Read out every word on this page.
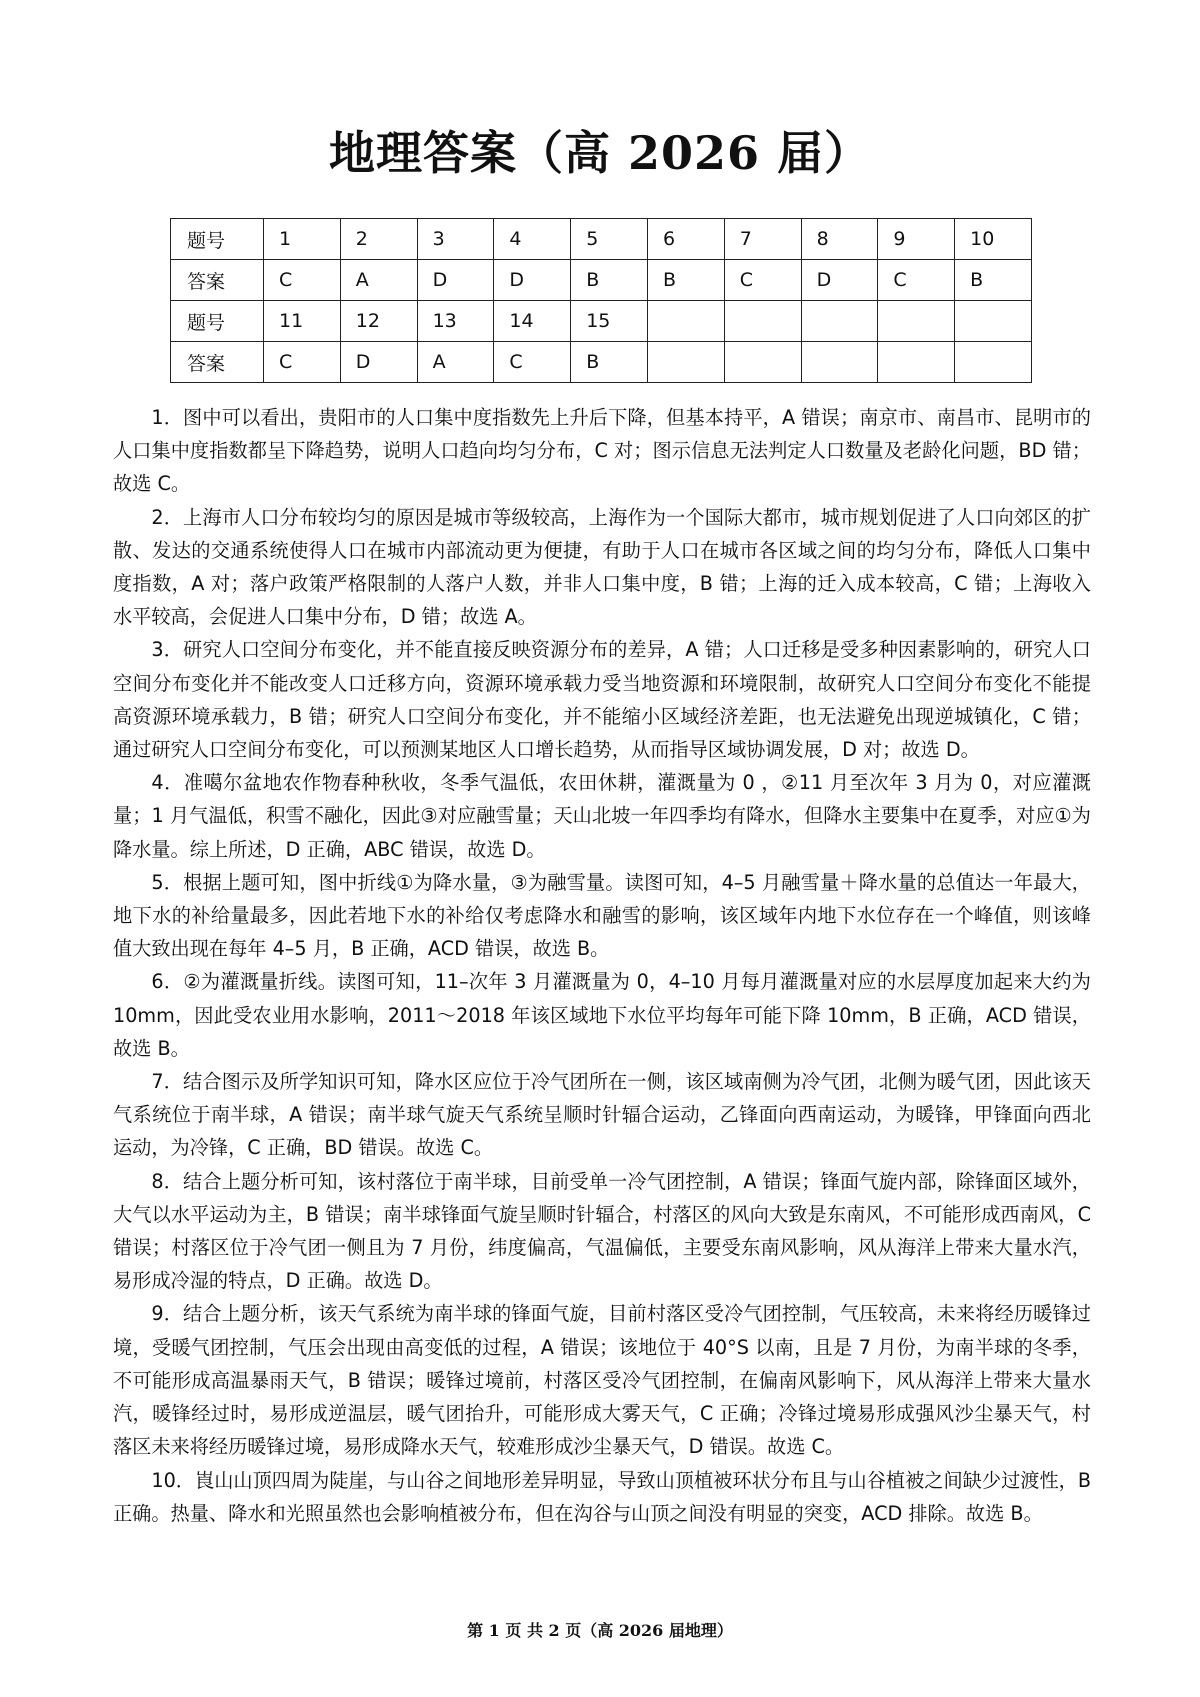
地理答案（高 2026 届）
题号	1	2	3	4	5	6	7	8	9	10
答案	C	A	D	D	B	B	C	D	C	B
题号	11	12	13	14	15					
答案	C	D	A	C	B					

1．图中可以看出，贵阳市的人口集中度指数先上升后下降，但基本持平，A 错误；南京市、南昌市、昆明市的人口集中度指数都呈下降趋势，说明人口趋向均匀分布，C 对；图示信息无法判定人口数量及老龄化问题，BD 错；故选 C。

2．上海市人口分布较均匀的原因是城市等级较高，上海作为一个国际大都市，城市规划促进了人口向郊区的扩散、发达的交通系统使得人口在城市内部流动更为便捷，有助于人口在城市各区域之间的均匀分布，降低人口集中度指数，A 对；落户政策严格限制的人落户人数，并非人口集中度，B 错；上海的迁入成本较高，C 错；上海收入水平较高，会促进人口集中分布，D 错；故选 A。

3．研究人口空间分布变化，并不能直接反映资源分布的差异，A 错；人口迁移是受多种因素影响的，研究人口空间分布变化并不能改变人口迁移方向，资源环境承载力受当地资源和环境限制，故研究人口空间分布变化不能提高资源环境承载力，B 错；研究人口空间分布变化，并不能缩小区域经济差距，也无法避免出现逆城镇化，C 错；通过研究人口空间分布变化，可以预测某地区人口增长趋势，从而指导区域协调发展，D 对；故选 D。

4．准噶尔盆地农作物春种秋收，冬季气温低，农田休耕，灌溉量为 0 ，②11 月至次年 3 月为 0，对应灌溉量；1 月气温低，积雪不融化，因此③对应融雪量；天山北坡一年四季均有降水，但降水主要集中在夏季，对应①为降水量。综上所述，D 正确，ABC 错误，故选 D。

5．根据上题可知，图中折线①为降水量，③为融雪量。读图可知，4–5 月融雪量＋降水量的总值达一年最大，地下水的补给量最多，因此若地下水的补给仅考虑降水和融雪的影响，该区域年内地下水位存在一个峰值，则该峰值大致出现在每年 4–5 月，B 正确，ACD 错误，故选 B。

6．②为灌溉量折线。读图可知，11–次年 3 月灌溉量为 0，4–10 月每月灌溉量对应的水层厚度加起来大约为 10mm，因此受农业用水影响，2011～2018 年该区域地下水位平均每年可能下降 10mm，B 正确，ACD 错误，故选 B。

7．结合图示及所学知识可知，降水区应位于冷气团所在一侧，该区域南侧为冷气团，北侧为暖气团，因此该天气系统位于南半球，A 错误；南半球气旋天气系统呈顺时针辐合运动，乙锋面向西南运动，为暖锋，甲锋面向西北运动，为冷锋，C 正确，BD 错误。故选 C。

8．结合上题分析可知，该村落位于南半球，目前受单一冷气团控制，A 错误；锋面气旋内部，除锋面区域外，大气以水平运动为主，B 错误；南半球锋面气旋呈顺时针辐合，村落区的风向大致是东南风，不可能形成西南风，C 错误；村落区位于冷气团一侧且为 7 月份，纬度偏高，气温偏低，主要受东南风影响，风从海洋上带来大量水汽，易形成冷湿的特点，D 正确。故选 D。

9．结合上题分析，该天气系统为南半球的锋面气旋，目前村落区受冷气团控制，气压较高，未来将经历暖锋过境，受暖气团控制，气压会出现由高变低的过程，A 错误；该地位于 40°S 以南，且是 7 月份，为南半球的冬季，不可能形成高温暴雨天气，B 错误；暖锋过境前，村落区受冷气团控制，在偏南风影响下，风从海洋上带来大量水汽，暖锋经过时，易形成逆温层，暖气团抬升，可能形成大雾天气，C 正确；冷锋过境易形成强风沙尘暴天气，村落区未来将经历暖锋过境，易形成降水天气，较难形成沙尘暴天气，D 错误。故选 C。

10．崀山山顶四周为陡崖，与山谷之间地形差异明显，导致山顶植被环状分布且与山谷植被之间缺少过渡性，B 正确。热量、降水和光照虽然也会影响植被分布，但在沟谷与山顶之间没有明显的突变，ACD 排除。故选 B。

第 1 页 共 2 页（高 2026 届地理）
